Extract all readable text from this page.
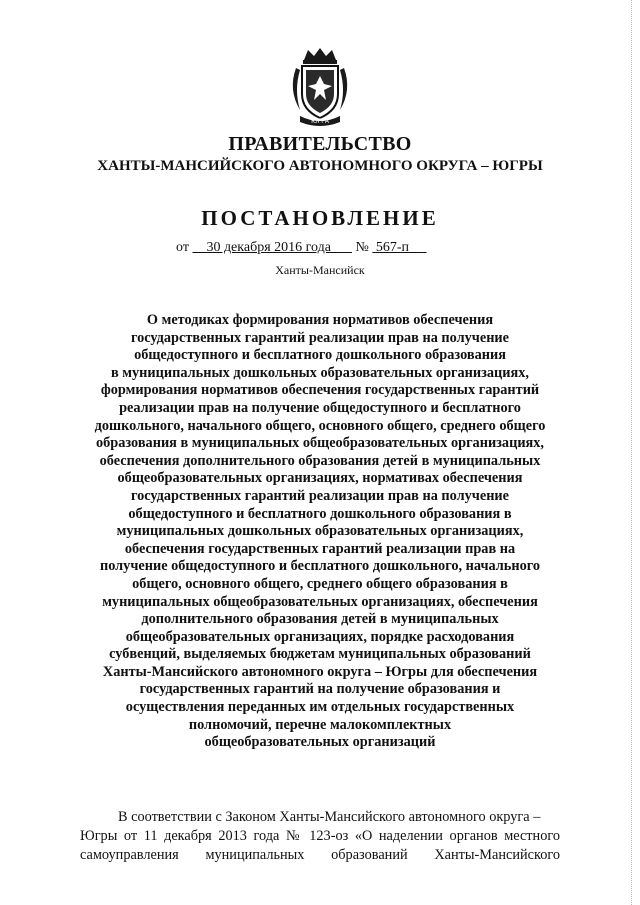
ЮГРА
ПРАВИТЕЛЬСТВО
ХАНТЫ-МАНСИЙСКОГО АВТОНОМНОГО ОКРУГА – ЮГРЫ
ПОСТАНОВЛЕНИЕ
от 30 декабря 2016 года № 567-п
Ханты-Мансийск
О методиках формирования нормативов обеспечения
государственных гарантий реализации прав на получение
общедоступного и бесплатного дошкольного образования
в муниципальных дошкольных образовательных организациях,
формирования нормативов обеспечения государственных гарантий
реализации прав на получение общедоступного и бесплатного
дошкольного, начального общего, основного общего, среднего общего
образования в муниципальных общеобразовательных организациях,
обеспечения дополнительного образования детей в муниципальных
общеобразовательных организациях, нормативах обеспечения
государственных гарантий реализации прав на получение
общедоступного и бесплатного дошкольного образования в
муниципальных дошкольных образовательных организациях,
обеспечения государственных гарантий реализации прав на
получение общедоступного и бесплатного дошкольного, начального
общего, основного общего, среднего общего образования в
муниципальных общеобразовательных организациях, обеспечения
дополнительного образования детей в муниципальных
общеобразовательных организациях, порядке расходования
субвенций, выделяемых бюджетам муниципальных образований
Ханты-Мансийского автономного округа – Югры для обеспечения
государственных гарантий на получение образования и
осуществления переданных им отдельных государственных
полномочий, перечне малокомплектных
общеобразовательных организаций
В соответствии с Законом Ханты-Мансийского автономного округа –
Югры от 11 декабря 2013 года № 123-оз «О наделении органов местного
самоуправления муниципальных образований Ханты-Мансийского
